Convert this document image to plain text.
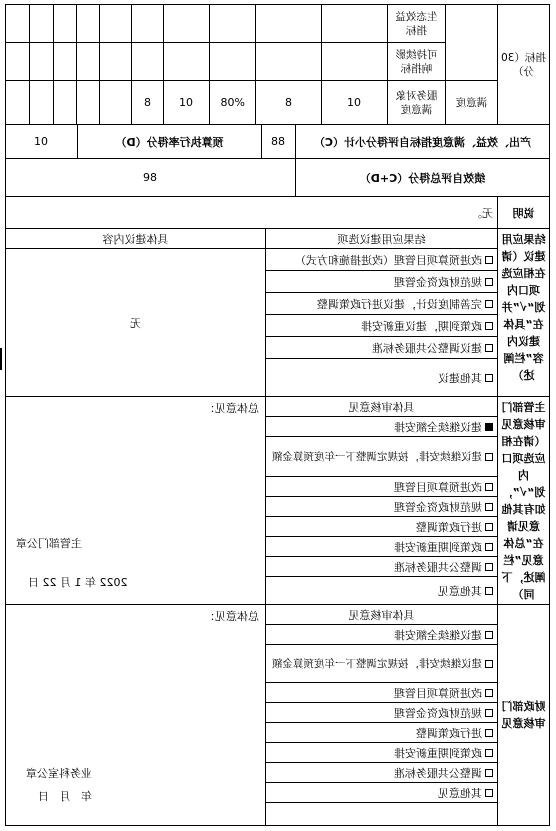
指标（30分）
满意度
生态效益指标
可持续影响指标
服务对象满意度
10
8
80%
10
8
产出、效益、满意度指标自评得分小计（C）
88
预算执行率得分（D）
10
绩效自评总得分（C+D）
98
说明
无。
结果应用建议（请在相应选项口内划“√”并在“具体建议内容”栏阐述）
结果应用建议选项
具体建议内容
改进预算项目管理（改进措施和方式）
规范财政资金管理
完善制度设计，建议进行政策调整
政策到期，建议重新安排
建议调整公共服务标准
其他建议
无
主管部门审核意见（请在相应选项口内划“√”，如有其他意见请在“总体意见”栏阐述，下同）
具体审核意见
建议继续全额安排
建议继续安排，按规定调整下一年度预算金额
改进预算项目管理
规范财政资金管理
进行政策调整
政策到期重新安排
调整公共服务标准
其他意见
总体意见：
主管部门公章
2022 年 1 月 22 日
财政部门审核意见
具体审核意见
建议继续全额安排
建议继续安排，按规定调整下一年度预算金额
改进预算项目管理
规范财政资金管理
进行政策调整
政策到期重新安排
调整公共服务标准
其他意见
总体意见：
业务科室公章
年   月   日
